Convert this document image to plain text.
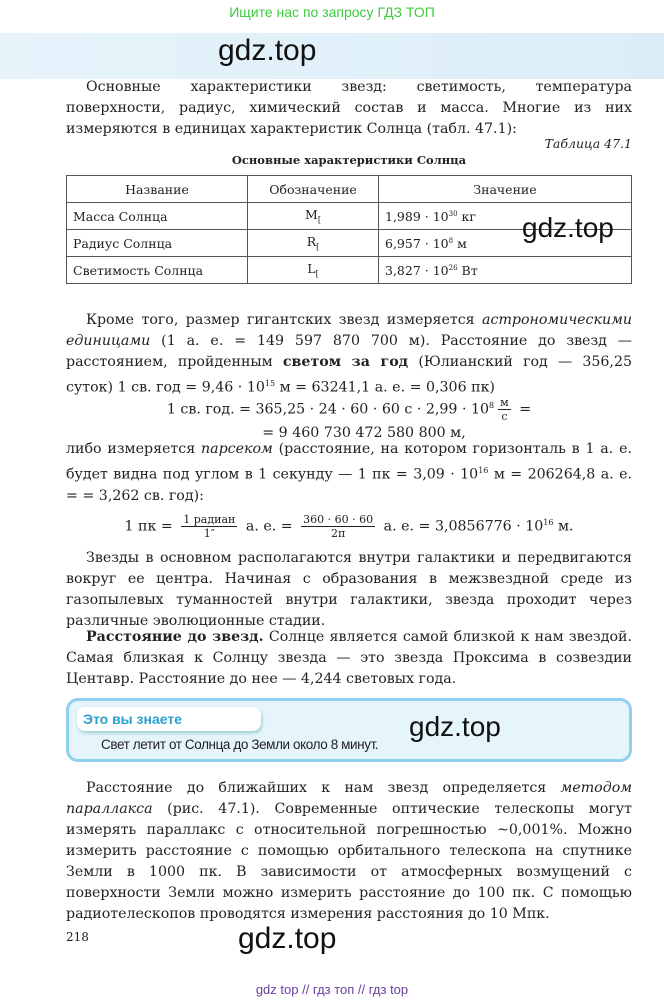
Ищите нас по запросу ГДЗ ТОП
gdz.top
Основные характеристики звезд: светимость, температура поверхности, радиус, химический состав и масса. Многие из них измеряются в единицах характеристик Солнца (табл. 47.1):
Таблица 47.1
Основные характеристики Солнца
Название	Обозначение	Значение
Масса Солнца	$M_[$	$1,989 \cdot 10^{30}$ кг
Радиус Солнца	$R_[$	$6,957 \cdot 10^8$ м
Светимость Солнца	$L_[$	$3,827 \cdot 10^{26}$ Вт
gdz.top
Кроме того, размер гигантских звезд измеряется астрономическими единицами (1 а. е. = 149 597 870 700 м). Расстояние до звезд — расстоянием, пройденным светом за год (Юлианский год — 356,25 суток) 1 св. год = $9,46 \cdot 10^{15}$ м = 63241,1 а. е. = 0,306 пк)
1 св. год. = 365,25 · 24 · 60 · 60 $с \cdot 2,99 \cdot 10^8 \frac{м}{с}$ =
= 9 460 730 472 580 800 м,
либо измеряется парсеком (расстояние, на котором горизонталь в 1 а. е. будет видна под углом в 1 секунду — 1 пк = $3,09 \cdot 10^{16}$ м = 206264,8 а. е. = = 3,262 св. год):
1 пк = $\frac{\text{1 радиан}}{1''} а$. е. = $\frac{360 \cdot 60 \cdot 60}{2\pi} а$. е. = $3,0856776 \cdot 10^{16}$ м.
Звезды в основном располагаются внутри галактики и передвигаются вокруг ее центра. Начиная с образования в межзвездной среде из газопылевых туманностей внутри галактики, звезда проходит через различные эволюционные стадии.
Расстояние до звезд. Солнце является самой близкой к нам звездой. Самая близкая к Солнцу звезда — это звезда Проксима в созвездии Центавр. Расстояние до нее — 4,244 световых года.
Это вы знаете
Свет летит от Солнца до Земли около 8 минут.
gdz.top
Расстояние до ближайших к нам звезд определяется методом параллакса (рис. 47.1). Современные оптические телескопы могут измерять параллакс с относительной погрешностью ~0,001%. Можно измерить расстояние с помощью орбитального телескопа на спутнике Земли в 1000 пк. В зависимости от атмосферных возмущений с поверхности Земли можно измерить расстояние до 100 пк. С помощью радиотелескопов проводятся измерения расстояния до 10 Мпк.
218	gdz.top
gdz top // гдз топ // гдз top
